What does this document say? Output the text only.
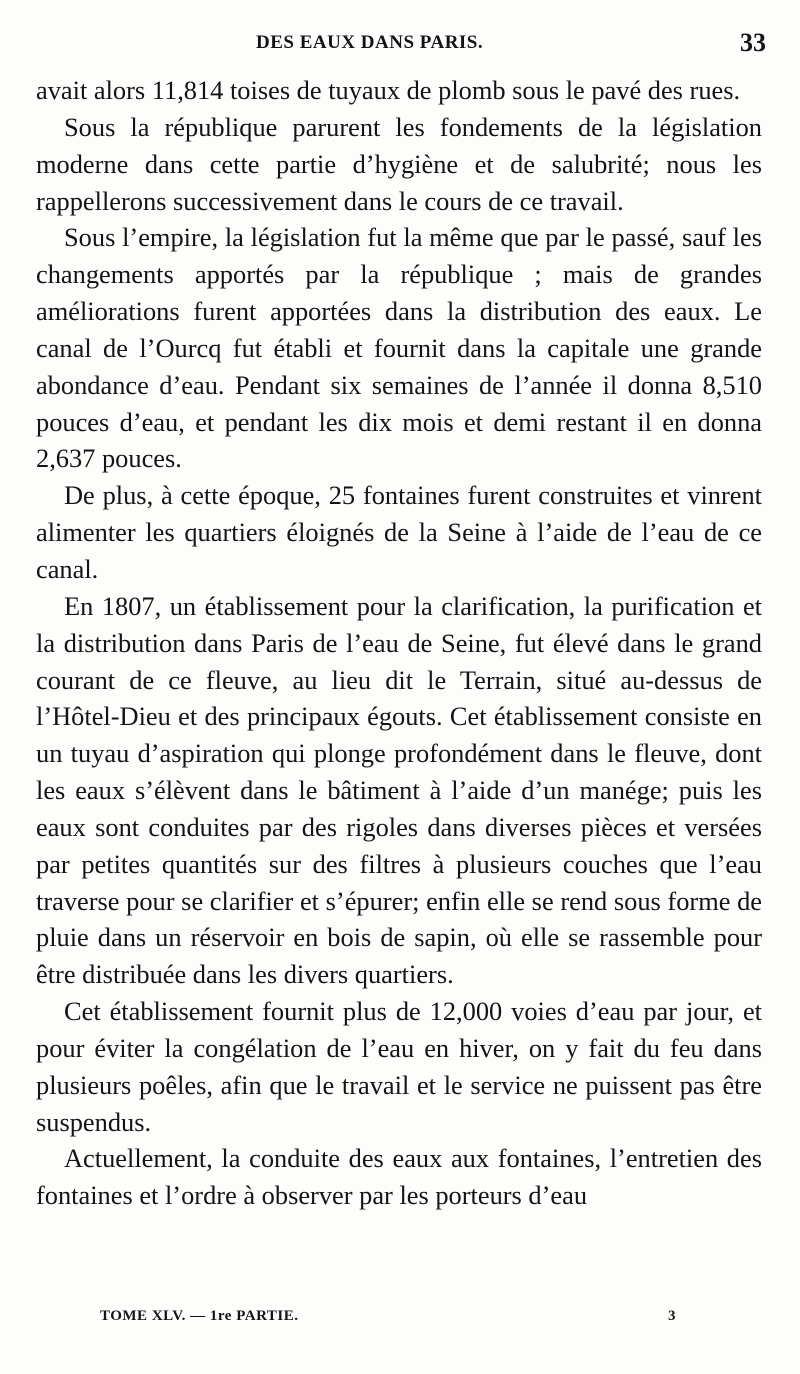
DES EAUX DANS PARIS.	33

avait alors 11,814 toises de tuyaux de plomb sous le pavé des rues.

Sous la république parurent les fondements de la législation moderne dans cette partie d’hygiène et de salubrité; nous les rappellerons successivement dans le cours de ce travail.

Sous l’empire, la législation fut la même que par le passé, sauf les changements apportés par la république ; mais de grandes améliorations furent apportées dans la distribution des eaux. Le canal de l’Ourcq fut établi et fournit dans la capitale une grande abondance d’eau. Pendant six semaines de l’année il donna 8,510 pouces d’eau, et pendant les dix mois et demi restant il en donna 2,637 pouces.

De plus, à cette époque, 25 fontaines furent construites et vinrent alimenter les quartiers éloignés de la Seine à l’aide de l’eau de ce canal.

En 1807, un établissement pour la clarification, la purification et la distribution dans Paris de l’eau de Seine, fut élevé dans le grand courant de ce fleuve, au lieu dit le Terrain, situé au-dessus de l’Hôtel-Dieu et des principaux égouts. Cet établissement consiste en un tuyau d’aspiration qui plonge profondément dans le fleuve, dont les eaux s’élèvent dans le bâtiment à l’aide d’un manége; puis les eaux sont conduites par des rigoles dans diverses pièces et versées par petites quantités sur des filtres à plusieurs couches que l’eau traverse pour se clarifier et s’épurer; enfin elle se rend sous forme de pluie dans un réservoir en bois de sapin, où elle se rassemble pour être distribuée dans les divers quartiers.

Cet établissement fournit plus de 12,000 voies d’eau par jour, et pour éviter la congélation de l’eau en hiver, on y fait du feu dans plusieurs poêles, afin que le travail et le service ne puissent pas être suspendus.

Actuellement, la conduite des eaux aux fontaines, l’entretien des fontaines et l’ordre à observer par les porteurs d’eau

TOME XLV. — 1re PARTIE.	3
